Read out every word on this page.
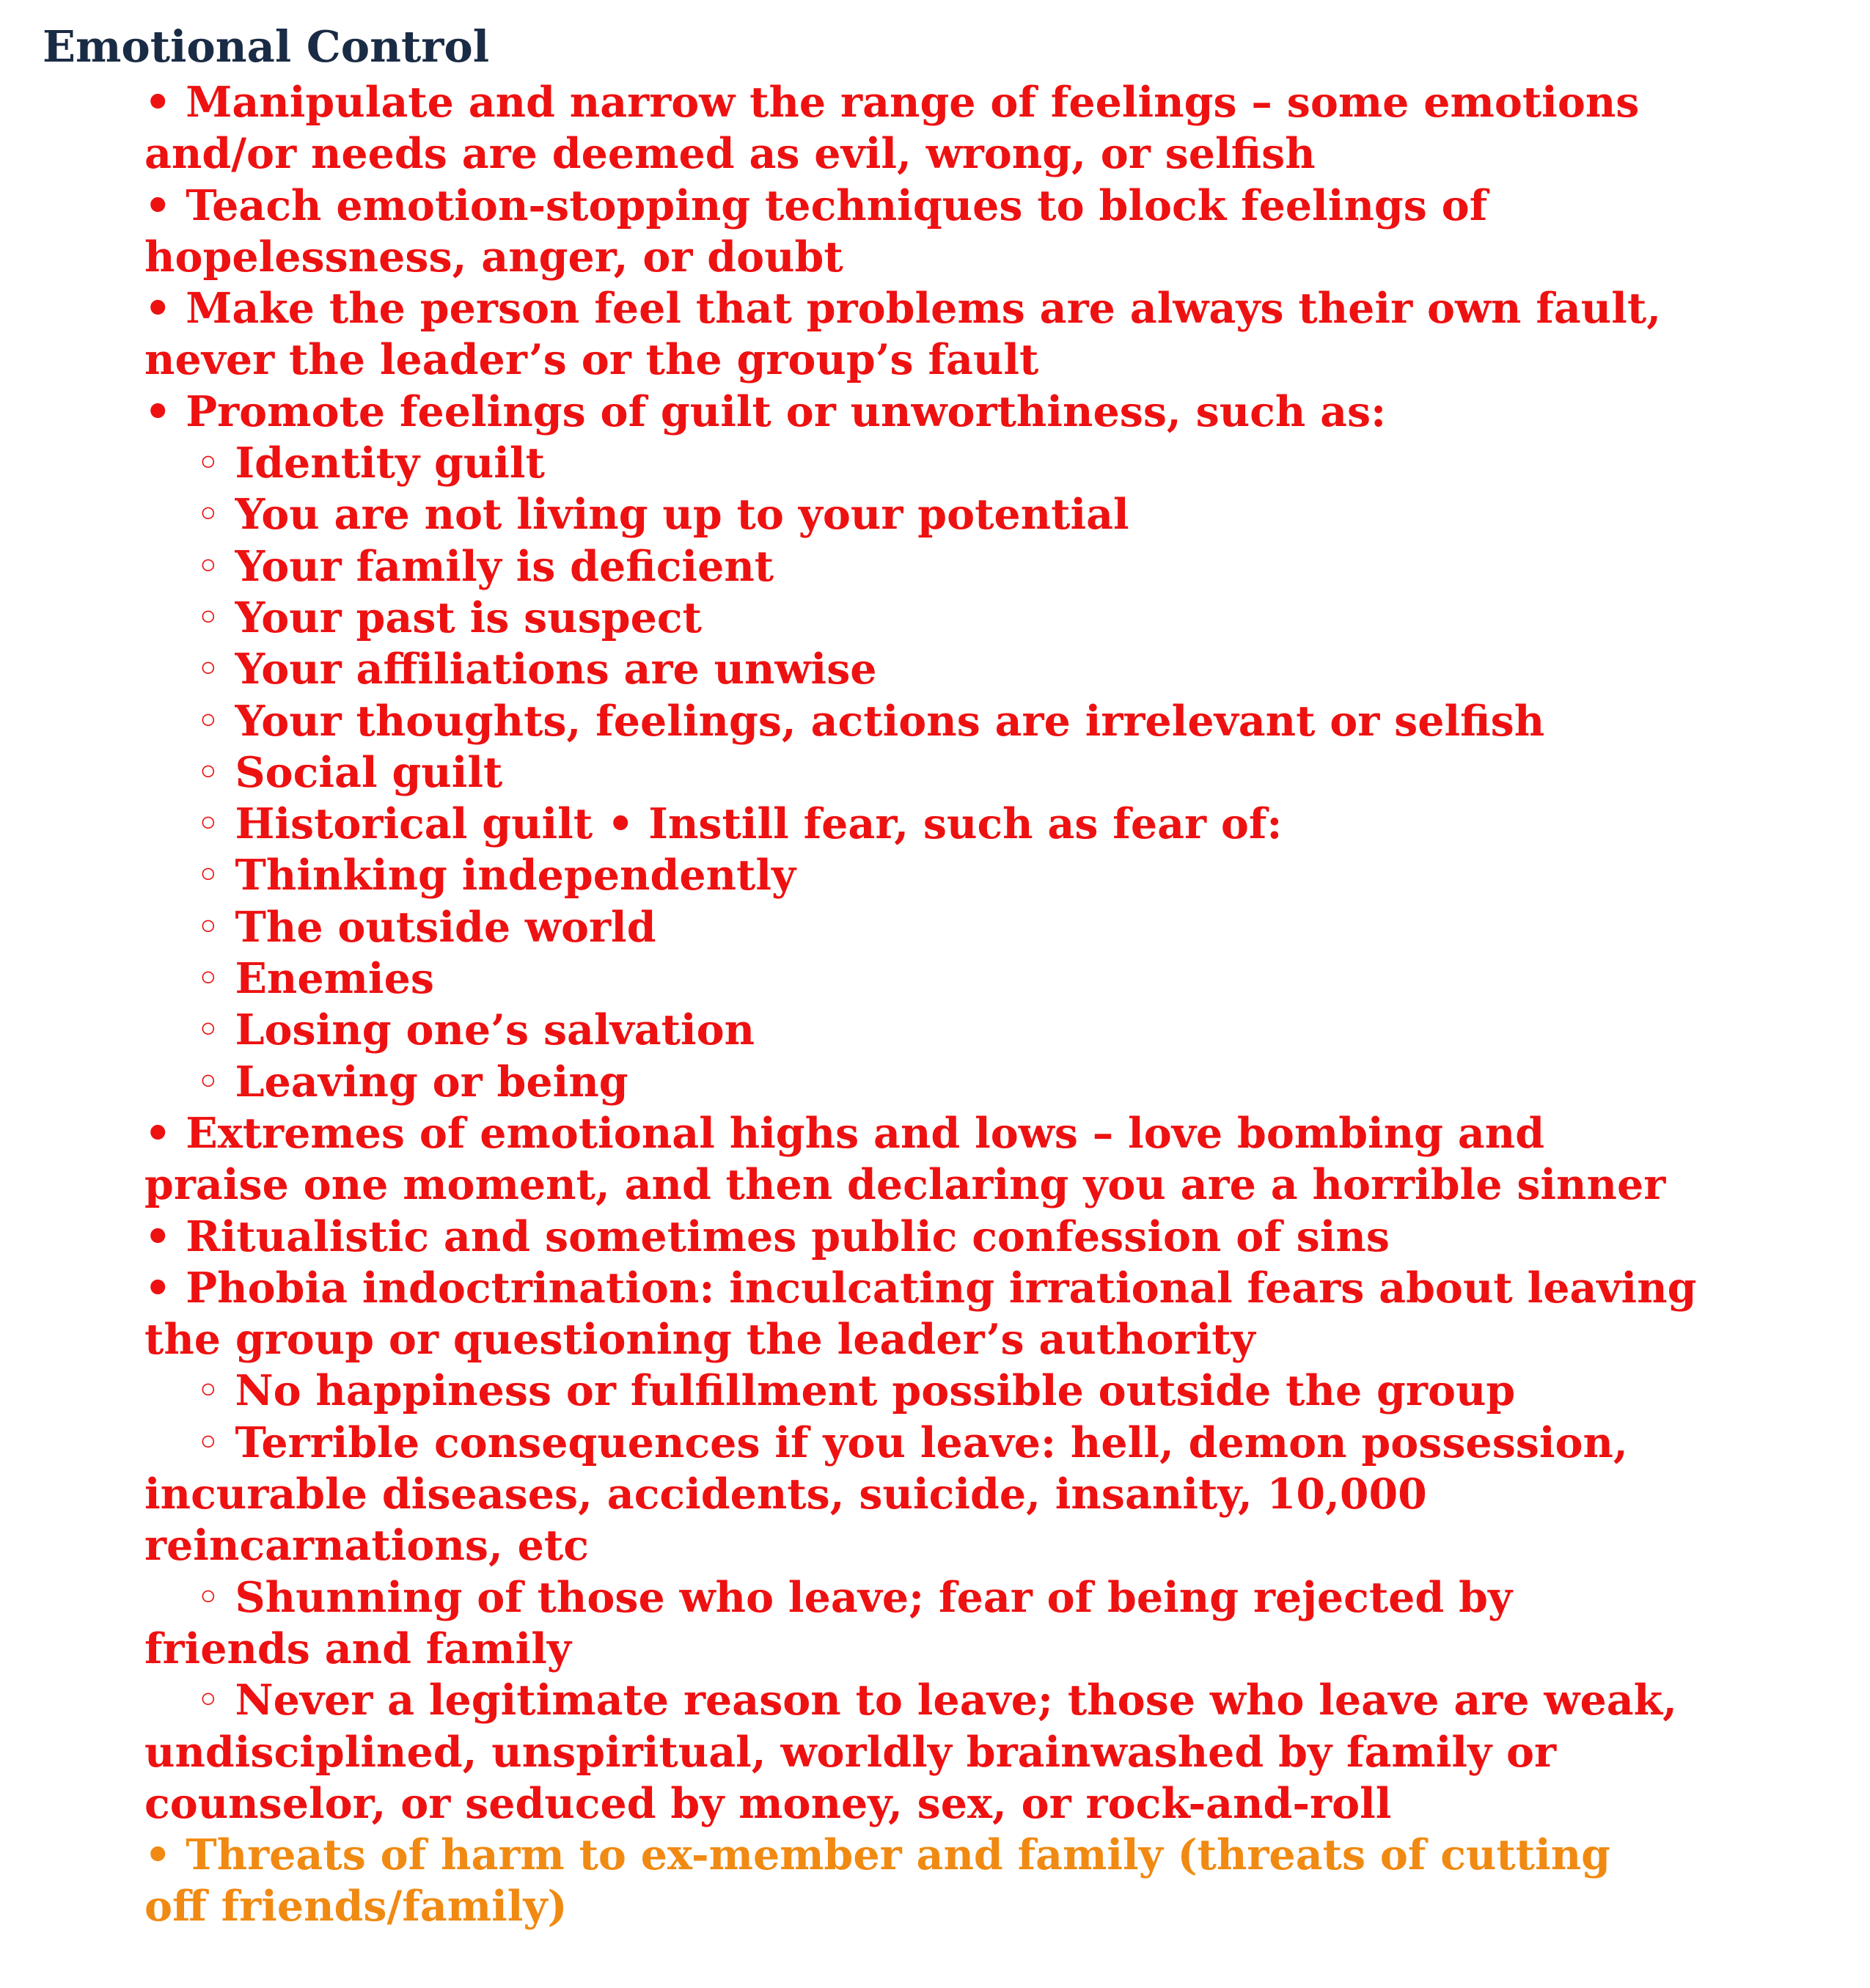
Emotional Control
• Manipulate and narrow the range of feelings – some emotions
and/or needs are deemed as evil, wrong, or selfish
• Teach emotion-stopping techniques to block feelings of
hopelessness, anger, or doubt
• Make the person feel that problems are always their own fault,
never the leader’s or the group’s fault
• Promote feelings of guilt or unworthiness, such as:
◦ Identity guilt
◦ You are not living up to your potential
◦ Your family is deficient
◦ Your past is suspect
◦ Your affiliations are unwise
◦ Your thoughts, feelings, actions are irrelevant or selfish
◦ Social guilt
◦ Historical guilt • Instill fear, such as fear of:
◦ Thinking independently
◦ The outside world
◦ Enemies
◦ Losing one’s salvation
◦ Leaving or being
• Extremes of emotional highs and lows – love bombing and
praise one moment, and then declaring you are a horrible sinner
• Ritualistic and sometimes public confession of sins
• Phobia indoctrination: inculcating irrational fears about leaving
the group or questioning the leader’s authority
◦ No happiness or fulfillment possible outside the group
◦ Terrible consequences if you leave: hell, demon possession,
incurable diseases, accidents, suicide, insanity, 10,000
reincarnations, etc
◦ Shunning of those who leave; fear of being rejected by
friends and family
◦ Never a legitimate reason to leave; those who leave are weak,
undisciplined, unspiritual, worldly brainwashed by family or
counselor, or seduced by money, sex, or rock-and-roll
• Threats of harm to ex-member and family (threats of cutting
off friends/family)
